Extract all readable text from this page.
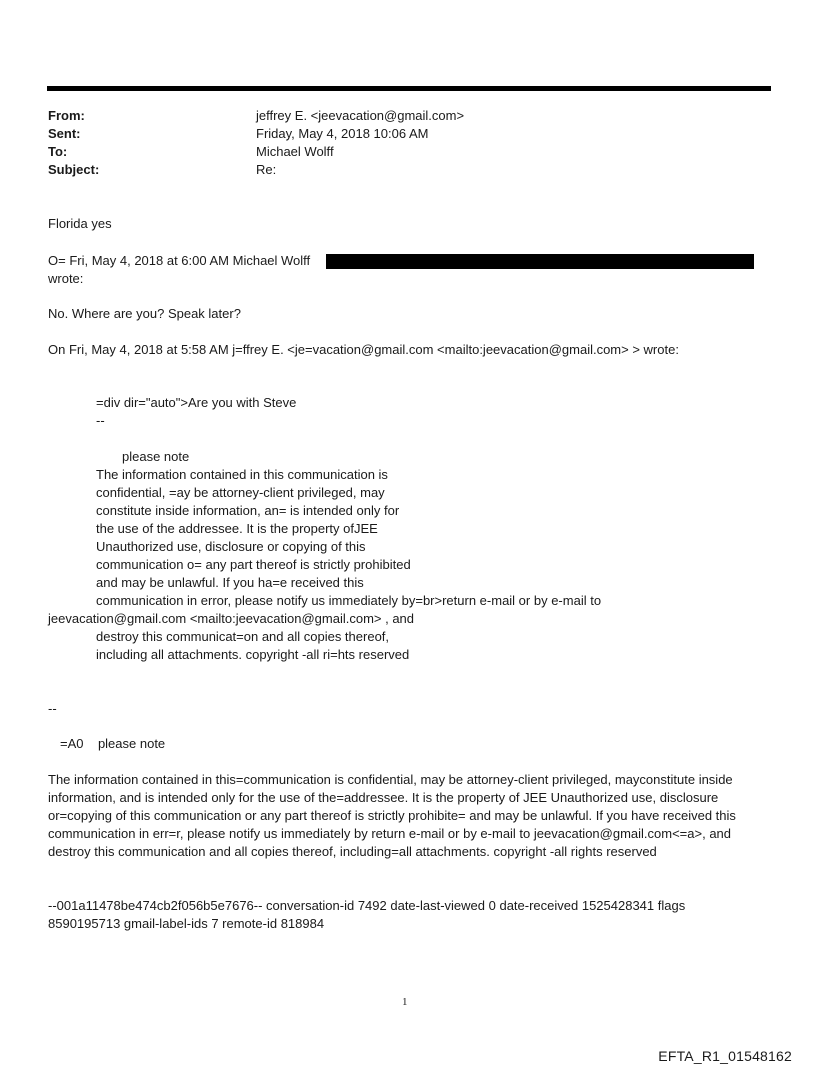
From:	jeffrey E. <jeevacation@gmail.com>
Sent:	Friday, May 4, 2018 10:06 AM
To:	Michael Wolff
Subject:	Re:
Florida yes
O= Fri, May 4, 2018 at 6:00 AM Michael Wolff
wrote:
No. Where are you? Speak later?
On Fri, May 4, 2018 at 5:58 AM j=ffrey E. <je=vacation@gmail.com <mailto:jeevacation@gmail.com> > wrote:
=div dir="auto">Are you with Steve
--
please note
The information contained in this communication is
confidential, =ay be attorney-client privileged, may
constitute inside information, an= is intended only for
the use of the addressee. It is the property ofJEE
Unauthorized use, disclosure or copying of this
communication o= any part thereof is strictly prohibited
and may be unlawful. If you ha=e received this
communication in error, please notify us immediately by=br>return e-mail or by e-mail to
jeevacation@gmail.com <mailto:jeevacation@gmail.com> , and
destroy this communicat=on and all copies thereof,
including all attachments. copyright -all ri=hts reserved
--
=A0    please note
The information contained in this=communication is confidential, may be attorney-client privileged, mayconstitute inside information, and is intended only for the use of the=addressee. It is the property of JEE Unauthorized use, disclosure or=copying of this communication or any part thereof is strictly prohibite= and may be unlawful. If you have received this communication in err=r, please notify us immediately by return e-mail or by e-mail to jeevacation@gmail.com<=a>, and destroy this communication and all copies thereof, including=all attachments. copyright -all rights reserved
--001a11478be474cb2f056b5e7676-- conversation-id 7492 date-last-viewed 0 date-received 1525428341 flags 8590195713 gmail-label-ids 7 remote-id 818984
1
EFTA_R1_01548162
